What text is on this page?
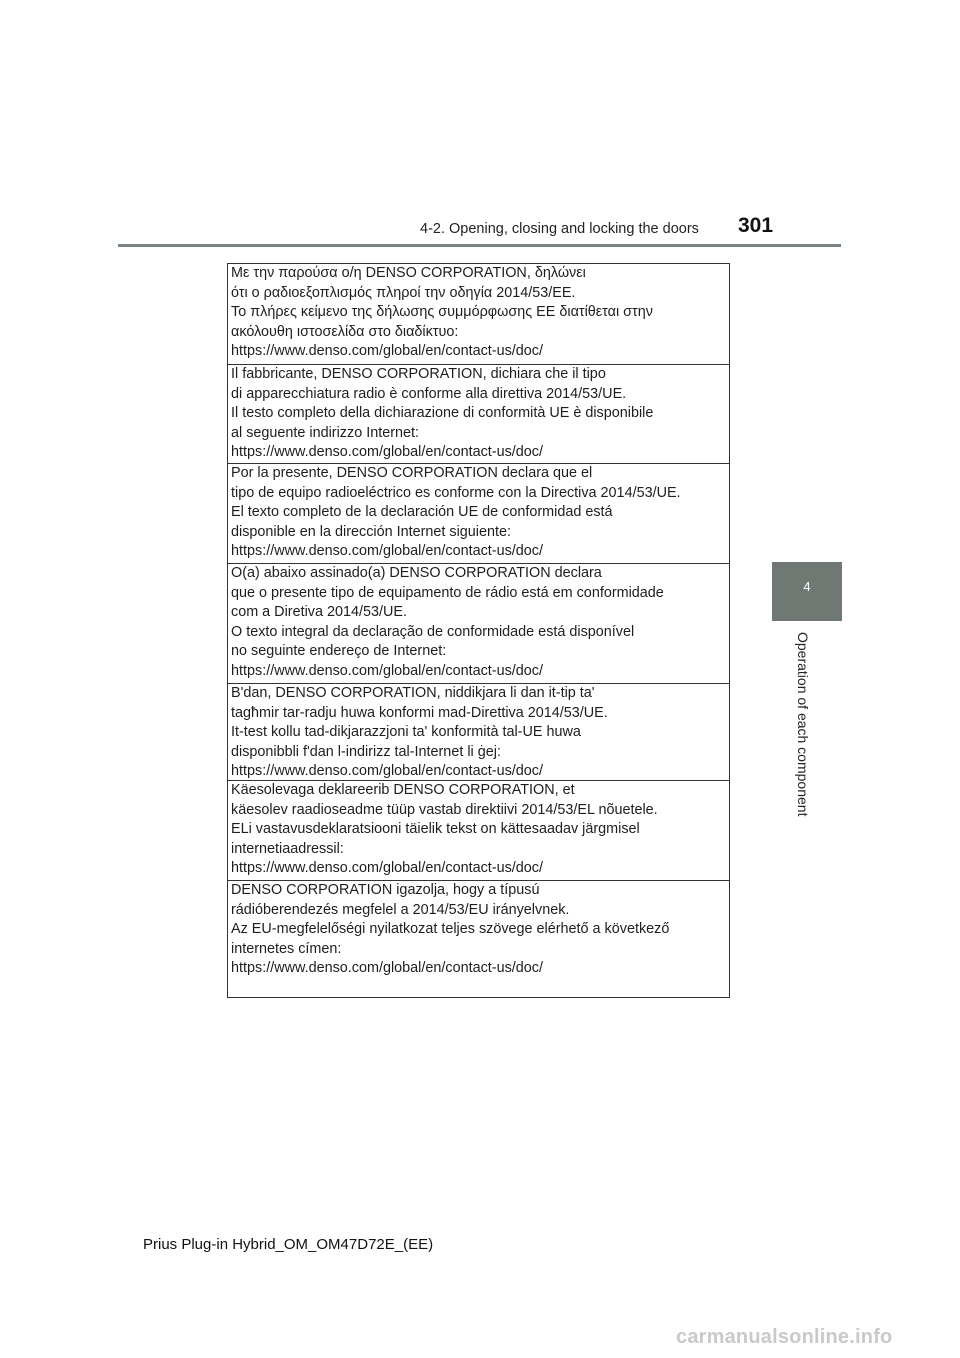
4-2. Opening, closing and locking the doors 301
4
Operation of each component
Με την παρούσα ο/η DENSO CORPORATION, δηλώνει
ότι ο ραδιοεξοπλισμός πληροί την οδηγία 2014/53/ΕΕ.
Το πλήρες κείμενο της δήλωσης συμμόρφωσης ΕΕ διατίθεται στην
ακόλουθη ιστοσελίδα στο διαδίκτυο:
https://www.denso.com/global/en/contact-us/doc/
Il fabbricante, DENSO CORPORATION, dichiara che il tipo
di apparecchiatura radio è conforme alla direttiva 2014/53/UE.
Il testo completo della dichiarazione di conformità UE è disponibile
al seguente indirizzo Internet:
https://www.denso.com/global/en/contact-us/doc/
Por la presente, DENSO CORPORATION declara que el
tipo de equipo radioeléctrico es conforme con la Directiva 2014/53/UE.
El texto completo de la declaración UE de conformidad está
disponible en la dirección Internet siguiente:
https://www.denso.com/global/en/contact-us/doc/
O(a) abaixo assinado(a) DENSO CORPORATION declara
que o presente tipo de equipamento de rádio está em conformidade
com a Diretiva 2014/53/UE.
O texto integral da declaração de conformidade está disponível
no seguinte endereço de Internet:
https://www.denso.com/global/en/contact-us/doc/
B'dan, DENSO CORPORATION, niddikjara li dan it-tip ta'
tagħmir tar-radju huwa konformi mad-Direttiva 2014/53/UE.
It-test kollu tad-dikjarazzjoni ta' konformità tal-UE huwa
disponibbli f'dan l-indirizz tal-Internet li ġej:
https://www.denso.com/global/en/contact-us/doc/
Käesolevaga deklareerib DENSO CORPORATION, et
käesolev raadioseadme tüüp vastab direktiivi 2014/53/EL nõuetele.
ELi vastavusdeklaratsiooni täielik tekst on kättesaadav järgmisel
internetiaadressil:
https://www.denso.com/global/en/contact-us/doc/
DENSO CORPORATION igazolja, hogy a típusú
rádióberendezés megfelel a 2014/53/EU irányelvnek.
Az EU-megfelelőségi nyilatkozat teljes szövege elérhető a következő
internetes címen:
https://www.denso.com/global/en/contact-us/doc/
Prius Plug-in Hybrid_OM_OM47D72E_(EE)
carmanualsonline.info
